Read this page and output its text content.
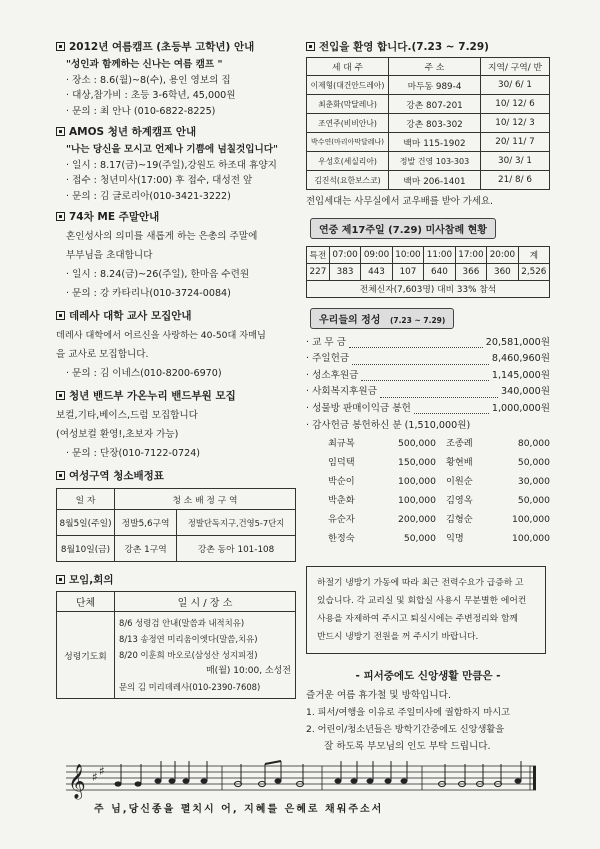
2012년 여름캠프 (초등부 고학년) 안내
"성인과 함께하는 신나는 여름 캠프 "
· 장소 : 8.6(월)~8(수), 용인 영보의 집
· 대상,참가비 : 초등 3-6학년, 45,000원
· 문의 : 최 안나 (010-6822-8225)
AMOS 청년 하계캠프 안내
"나는 당신을 모시고 언제나 기쁨에 넘칠것입니다"
· 일시 : 8.17(금)~19(주일),강원도 하조대 휴양지
· 접수 : 청년미사(17:00) 후 접수, 대성전 앞
· 문의 : 김 글로리아(010-3421-3222)
74차 ME 주말안내
혼인성사의 의미를 새롭게 하는 은총의 주말에
부부님을 초대합니다
· 일시 : 8.24(금)~26(주일), 한마음 수련원
· 문의 : 강 카타리나(010-3724-0084)
데레사 대학 교사 모집안내
데레사 대학에서 어르신을 사랑하는 40-50대 자매님
을 교사로 모집합니다.
· 문의 : 김 이네스(010-8200-6970)
청년 밴드부 가온누리 밴드부원 모집
보컬,기타,베이스,드럼 모집합니다
(여성보컬 환영!,초보자 가능)
· 문의 : 단장(010-7122-0724)
여성구역 청소배정표
일 자	청 소 배 정 구 역	
8월5일(주일)	정발5,6구역	정발단독지구,건영5-7단지
8월10일(금)	강촌 1구역	강촌 동아 101-108
모임,회의
단체	일 시 / 장 소
성령기도회	8/6 성령검 안내(말씀과 내적치유)
8/13 송정연 미리움이엣다(말씀,치유)
8/20 이훈희 바오로(삼성산 성지피정)
매(월) 10:00, 소성전
문의 김 미리데레사(010-2390-7608)
전입을 환영 합니다.(7.23 ~ 7.29)
세 대 주	주 소	지역/ 구역/ 반
이제형(대건안드레아)	마두동 989-4	30/ 6/ 1
최춘화(막달레나)	강촌 807-201	10/ 12/ 6
조연주(비비안나)	강촌 803-302	10/ 12/ 3
박수연(마리아막달레나)	백마 115-1902	20/ 11/ 7
우성호(세실리아)	정발 건영 103-303	30/ 3/ 1
김진석(요한보스코)	백마 206-1401	21/ 8/ 6
전입세대는 사무실에서 교우배를 받아 가세요.
연중 제17주일 (7.29) 미사참례 현황
특전	07:00	09:00	10:00	11:00	17:00	20:00	계
227	383	443	107	640	366	360	2,526
전체신자(7,603명) 대비 33% 참석							
우리들의 정성 (7.23 ~ 7.29)
· 교 무 금	20,581,000원
· 주일헌금	8,460,960원
· 성소후원금	1,145,000원
· 사회복지후원금	340,000원
· 성물방 판매이익금 봉헌	1,000,000원
· 감사헌금 봉헌하신 분 (1,510,000원)
최규복	500,000 조종례	80,000
임덕택	150,000 황현배	50,000
박순이	100,000 이원순	30,000
박춘화	100,000 김영옥	50,000
유순자	200,000 김형순	100,000
한정숙	50,000 익명	100,000
하절기 냉방기 가동에 따라 최근 전력수요가 급증하 고
있습니다. 각 교리실 및 회합실 사용시 무분별한 에어컨
사용을 자제하여 주시고 퇴실시에는 주변정리와 함께
반드시 냉방기 전원을 꺼 주시기 바랍니다.
- 피서중에도 신앙생활 만큼은 -
즐거운 여름 휴가철 및 방학입니다.
1. 피서/여행을 이유로 주일미사에 궐함하지 마시고
2. 어린이/청소년들은 방학기간중에도 신앙생활을
잘 하도록 부모님의 인도 부탁 드립니다.
𝄞 ♯ ♯
주 님,당신종을 펼치시 어, 지혜를 은혜로 채워주소서
